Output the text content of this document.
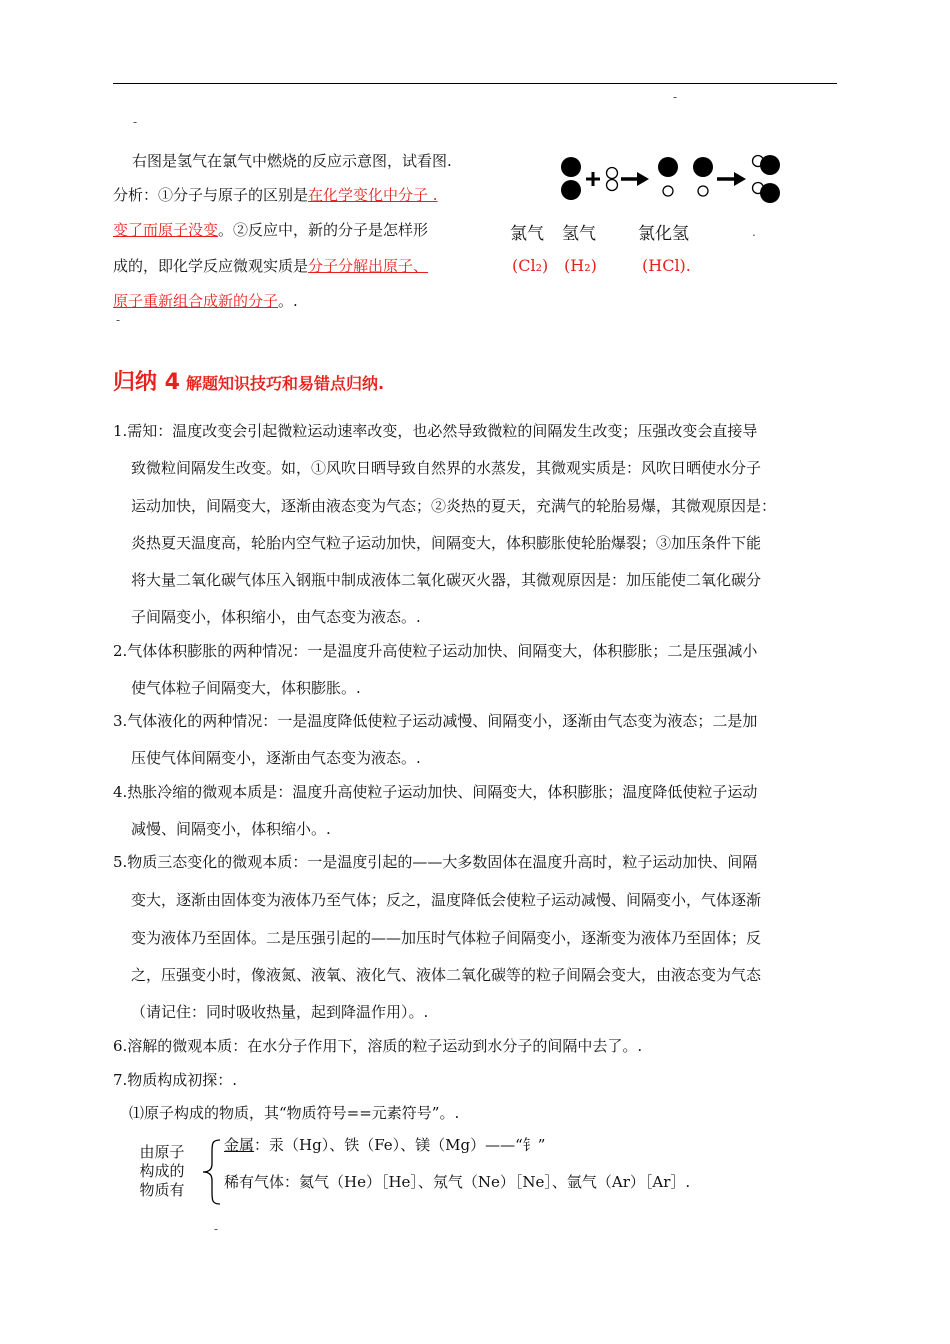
-
-
右图是氢气在氯气中燃烧的反应示意图，试看图.
分析：①分子与原子的区别是在化学变化中分子 .
变了而原子没变。②反应中，新的分子是怎样形
成的，即化学反应微观实质是分子分解出原子、
原子重新组合成新的分子。.
-
氯气 氢气 氯化氢	.
(Cl₂) (H₂)	(HCl).
归纳 4 解题知识技巧和易错点归纳.
1.需知：温度改变会引起微粒运动速率改变，也必然导致微粒的间隔发生改变；压强改变会直接导
致微粒间隔发生改变。如，①风吹日晒导致自然界的水蒸发，其微观实质是：风吹日晒使水分子
运动加快，间隔变大，逐渐由液态变为气态；②炎热的夏天，充满气的轮胎易爆，其微观原因是：
炎热夏天温度高，轮胎内空气粒子运动加快，间隔变大，体积膨胀使轮胎爆裂；③加压条件下能
将大量二氧化碳气体压入钢瓶中制成液体二氧化碳灭火器，其微观原因是：加压能使二氧化碳分
子间隔变小，体积缩小，由气态变为液态。.
2.气体体积膨胀的两种情况：一是温度升高使粒子运动加快、间隔变大，体积膨胀；二是压强减小
使气体粒子间隔变大，体积膨胀。.
3.气体液化的两种情况：一是温度降低使粒子运动减慢、间隔变小，逐渐由气态变为液态；二是加
压使气体间隔变小，逐渐由气态变为液态。.
4.热胀冷缩的微观本质是：温度升高使粒子运动加快、间隔变大，体积膨胀；温度降低使粒子运动
减慢、间隔变小，体积缩小。.
5.物质三态变化的微观本质：一是温度引起的——大多数固体在温度升高时，粒子运动加快、间隔
变大，逐渐由固体变为液体乃至气体；反之，温度降低会使粒子运动减慢、间隔变小，气体逐渐
变为液体乃至固体。二是压强引起的——加压时气体粒子间隔变小，逐渐变为液体乃至固体；反
之，压强变小时，像液氮、液氧、液化气、液体二氧化碳等的粒子间隔会变大，由液态变为气态
（请记住：同时吸收热量，起到降温作用）。.
6.溶解的微观本质：在水分子作用下，溶质的粒子运动到水分子的间隔中去了。.
7.物质构成初探：.
⑴原子构成的物质，其“物质符号==元素符号”。.
由原子
构成的
物质有
金属：汞（Hg）、铁（Fe）、镁（Mg）——“钅”
稀有气体：氦气（He）［He］、氖气（Ne）［Ne］、氩气（Ar）［Ar］.
-
